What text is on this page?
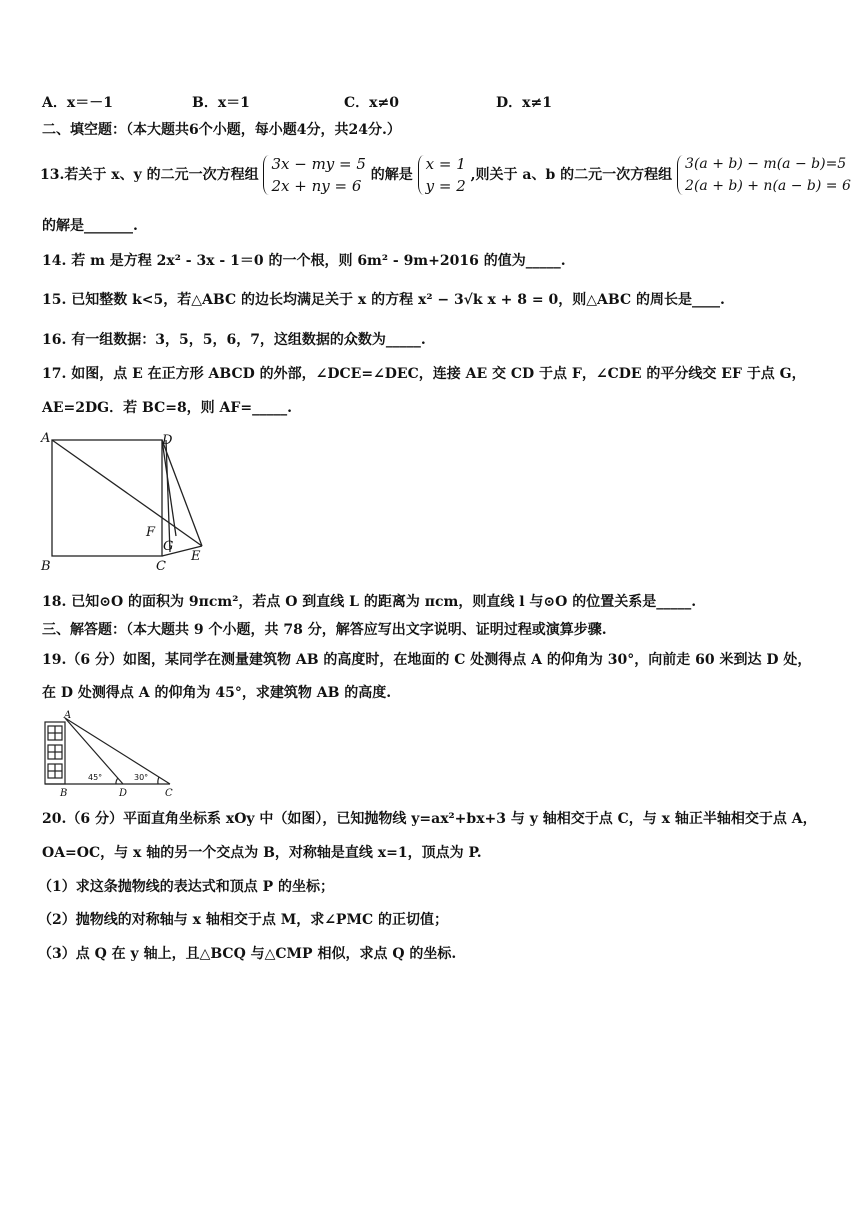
A．x＝－1	B．x＝1	C．x≠0	D．x≠1
二、填空题：（本大题共6个小题，每小题4分，共24分.）
13.若关于 x、y 的二元一次方程组
3x − my = 5
2x + ny = 6
的解是
x = 1
y = 2
,则关于 a、b 的二元一次方程组
3(a + b) − m(a − b)=5
2(a + b) + n(a − b) = 6
的解是_______.
14. 若 m 是方程 2x² - 3x - 1＝0 的一个根，则 6m² - 9m+2016 的值为_____.
15. 已知整数 k<5，若△ABC 的边长均满足关于 x 的方程 x² − 3√k x + 8 = 0，则△ABC 的周长是____.
16. 有一组数据：3，5，5，6，7，这组数据的众数为_____.
17. 如图，点 E 在正方形 ABCD 的外部，∠DCE=∠DEC，连接 AE 交 CD 于点 F，∠CDE 的平分线交 EF 于点 G，
AE=2DG．若 BC=8，则 AF=_____.
A	D
B	C
F
G
E
18. 已知⊙O 的面积为 9πcm²，若点 O 到直线 L 的距离为 πcm，则直线 l 与⊙O 的位置关系是_____.
三、解答题：（本大题共 9 个小题，共 78 分，解答应写出文字说明、证明过程或演算步骤.
19.（6 分）如图，某同学在测量建筑物 AB 的高度时，在地面的 C 处测得点 A 的仰角为 30°，向前走 60 米到达 D 处，
在 D 处测得点 A 的仰角为 45°，求建筑物 AB 的高度.
A
B	D	C
45°	30°
20.（6 分）平面直角坐标系 xOy 中（如图），已知抛物线 y=ax²+bx+3 与 y 轴相交于点 C，与 x 轴正半轴相交于点 A，
OA=OC，与 x 轴的另一个交点为 B，对称轴是直线 x=1，顶点为 P.
（1）求这条抛物线的表达式和顶点 P 的坐标；
（2）抛物线的对称轴与 x 轴相交于点 M，求∠PMC 的正切值；
（3）点 Q 在 y 轴上，且△BCQ 与△CMP 相似，求点 Q 的坐标.
